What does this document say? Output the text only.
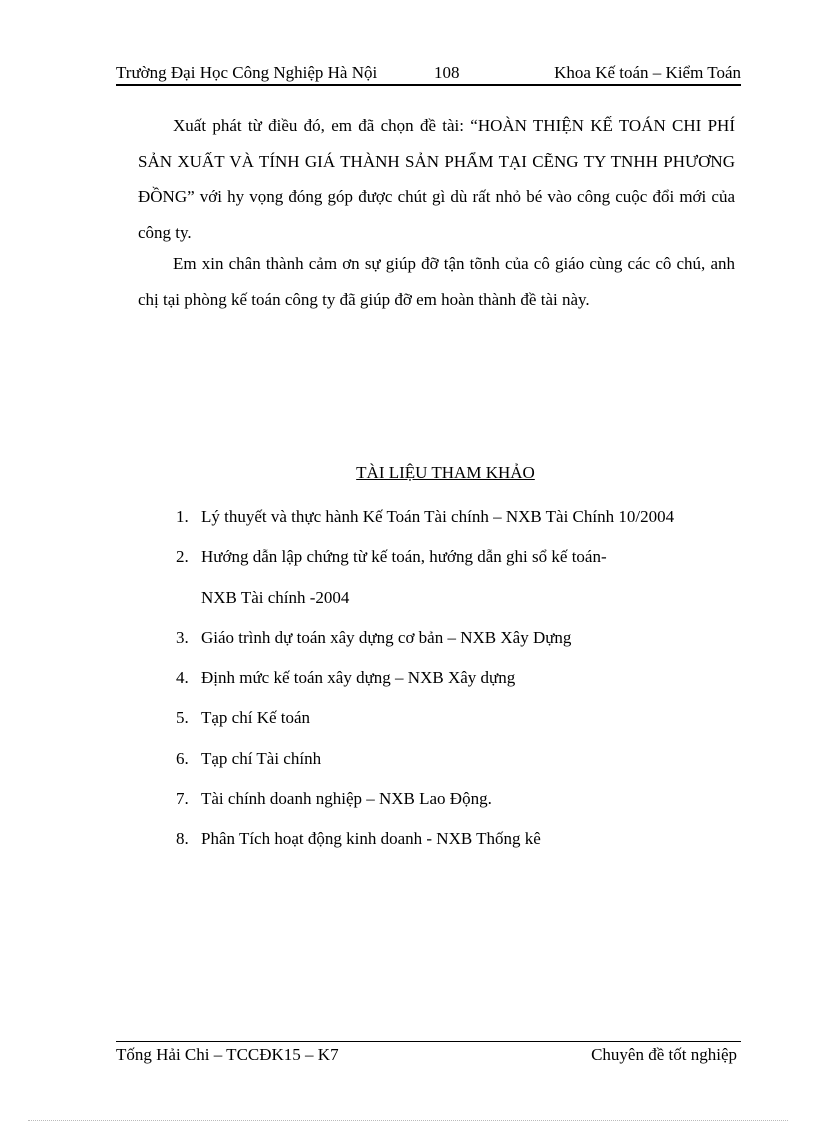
Trường Đại Học Công Nghiệp Hà Nội	108	Khoa Kế toán – Kiểm Toán

Xuất phát từ điều đó, em đã chọn đề tài: “HOÀN THIỆN KẾ TOÁN CHI PHÍ SẢN XUẤT VÀ TÍNH GIÁ THÀNH SẢN PHẨM TẠI CẼNG TY TNHH PHƯƠNG ĐỒNG” với hy vọng đóng góp được chút gì dù rất nhỏ bé vào công cuộc đổi mới của công ty.

Em xin chân thành cảm ơn sự giúp đỡ tận tõnh của cô giáo cùng các cô chú, anh chị tại phòng kế toán công ty đã giúp đỡ em hoàn thành đề tài này.

TÀI LIỆU THAM KHẢO
1. Lý thuyết và thực hành Kế Toán Tài chính – NXB Tài Chính 10/2004
2. Hướng dẫn lập chứng từ kế toán, hướng dẫn ghi sổ kế toán-
NXB Tài chính -2004
3. Giáo trình dự toán xây dựng cơ bản – NXB Xây Dựng
4. Định mức kế toán xây dựng – NXB Xây dựng
5. Tạp chí Kế toán
6. Tạp chí Tài chính
7. Tài chính doanh nghiệp – NXB Lao Động.
8. Phân Tích hoạt động kinh doanh - NXB Thống kê
Tống Hải Chi – TCCĐK15 – K7	Chuyên đề tốt nghiệp
